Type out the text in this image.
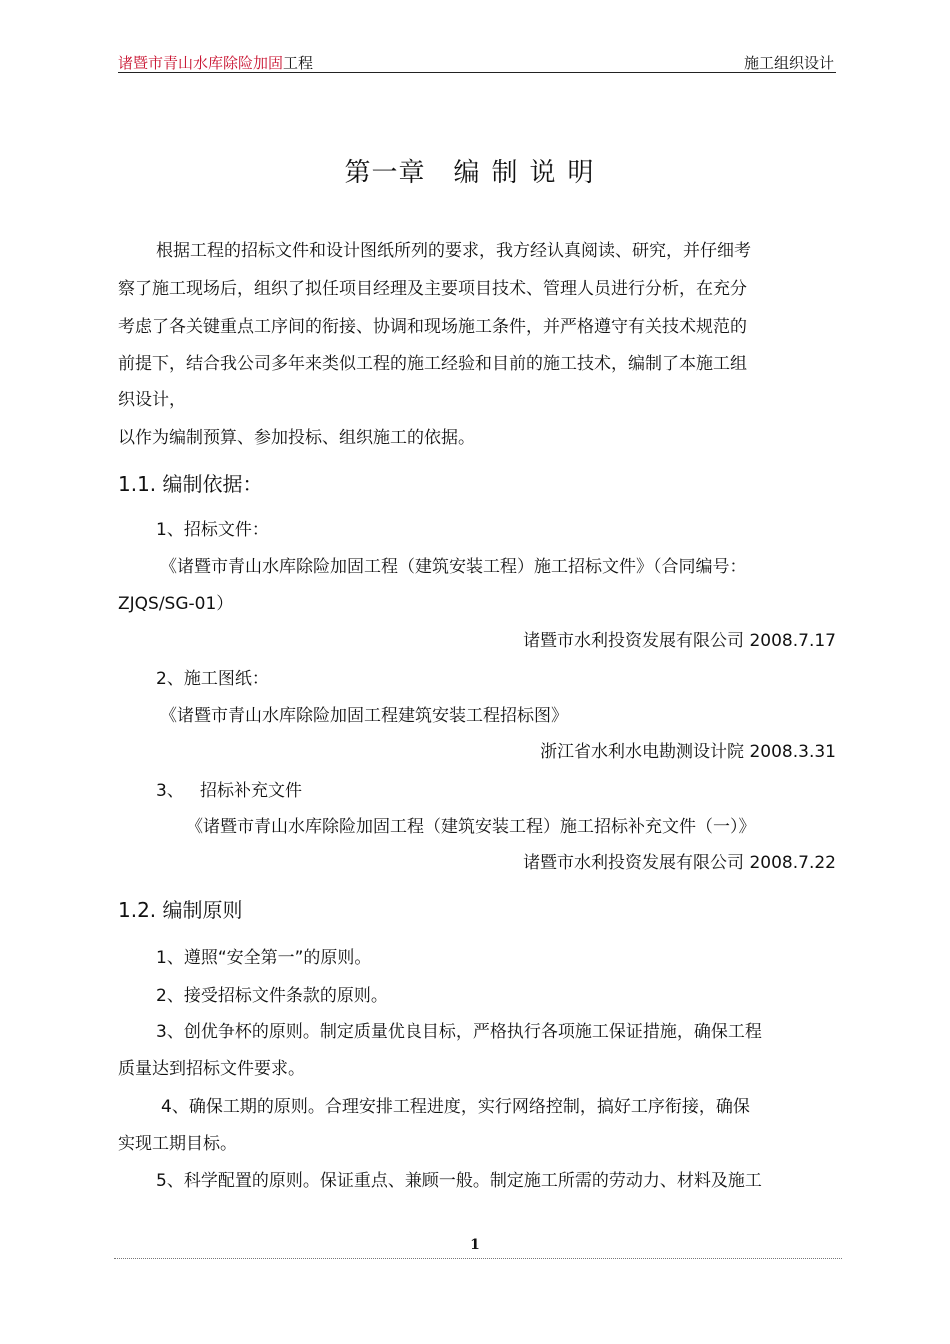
诸暨市青山水库除险加固工程	施工组织设计
第一章 编制说明
根据工程的招标文件和设计图纸所列的要求，我方经认真阅读、研究，并仔细考
察了施工现场后，组织了拟任项目经理及主要项目技术、管理人员进行分析，在充分
考虑了各关键重点工序间的衔接、协调和现场施工条件，并严格遵守有关技术规范的
前提下，结合我公司多年来类似工程的施工经验和目前的施工技术，编制了本施工组
织设计，
以作为编制预算、参加投标、组织施工的依据。
1.1. 编制依据：
1、招标文件：
《诸暨市青山水库除险加固工程（建筑安装工程）施工招标文件》（合同编号：
ZJQS/SG-01）
诸暨市水利投资发展有限公司 2008.7.17
2、施工图纸：
《诸暨市青山水库除险加固工程建筑安装工程招标图》
浙江省水利水电勘测设计院 2008.3.31
3、   招标补充文件
《诸暨市青山水库除险加固工程（建筑安装工程）施工招标补充文件（一）》
诸暨市水利投资发展有限公司 2008.7.22
1.2. 编制原则
1、遵照“安全第一”的原则。
2、接受招标文件条款的原则。
3、创优争杯的原则。制定质量优良目标，严格执行各项施工保证措施，确保工程
质量达到招标文件要求。
4、确保工期的原则。合理安排工程进度，实行网络控制，搞好工序衔接，确保
实现工期目标。
5、科学配置的原则。保证重点、兼顾一般。制定施工所需的劳动力、材料及施工
1
